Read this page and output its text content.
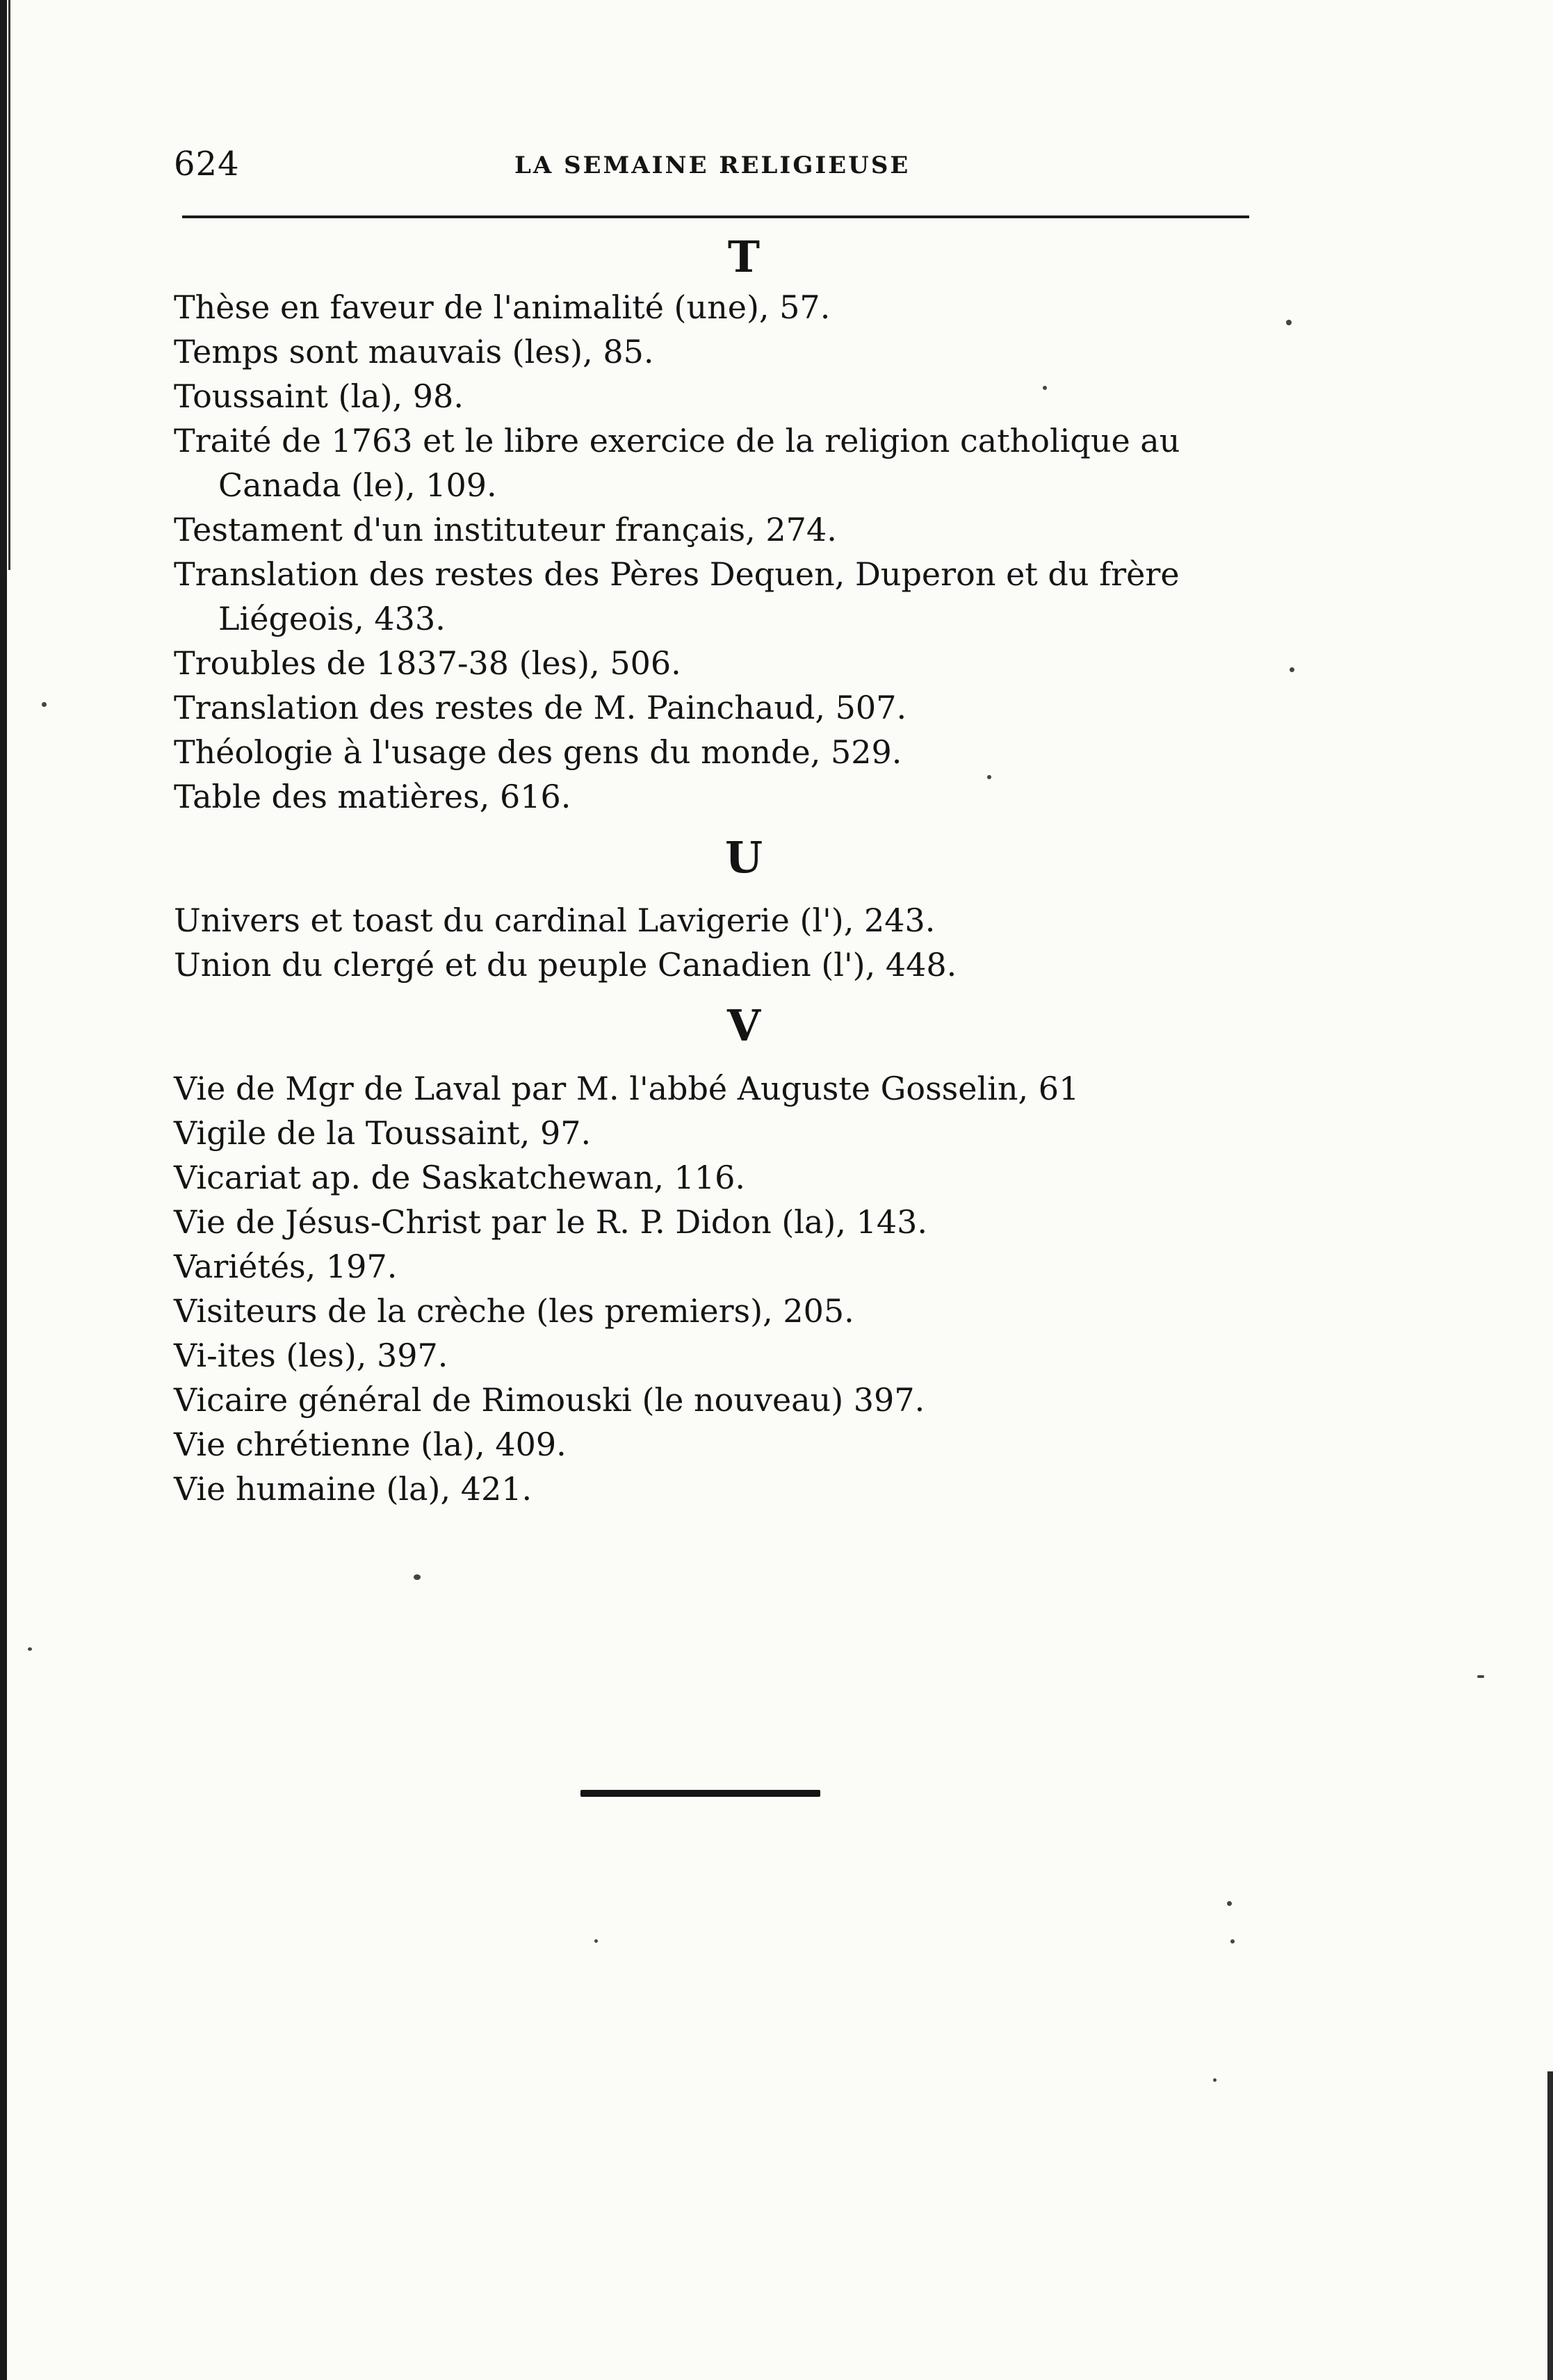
624	LA SEMAINE RELIGIEUSE
T

Thèse en faveur de l'animalité (une), 57.

Temps sont mauvais (les), 85.

Toussaint (la), 98.

Traité de 1763 et le libre exercice de la religion catholique au Canada (le), 109.

Testament d'un instituteur français, 274.

Translation des restes des Pères Dequen, Duperon et du frère Liégeois, 433.

Troubles de 1837-38 (les), 506.

Translation des restes de M. Painchaud, 507.

Théologie à l'usage des gens du monde, 529.

Table des matières, 616.

U

Univers et toast du cardinal Lavigerie (l'), 243.

Union du clergé et du peuple Canadien (l'), 448.

V

Vie de Mgr de Laval par M. l'abbé Auguste Gosselin, 61

Vigile de la Toussaint, 97.

Vicariat ap. de Saskatchewan, 116.

Vie de Jésus-Christ par le R. P. Didon (la), 143.

Variétés, 197.

Visiteurs de la crèche (les premiers), 205.

Vi-ites (les), 397.

Vicaire général de Rimouski (le nouveau) 397.

Vie chrétienne (la), 409.

Vie humaine (la), 421.
